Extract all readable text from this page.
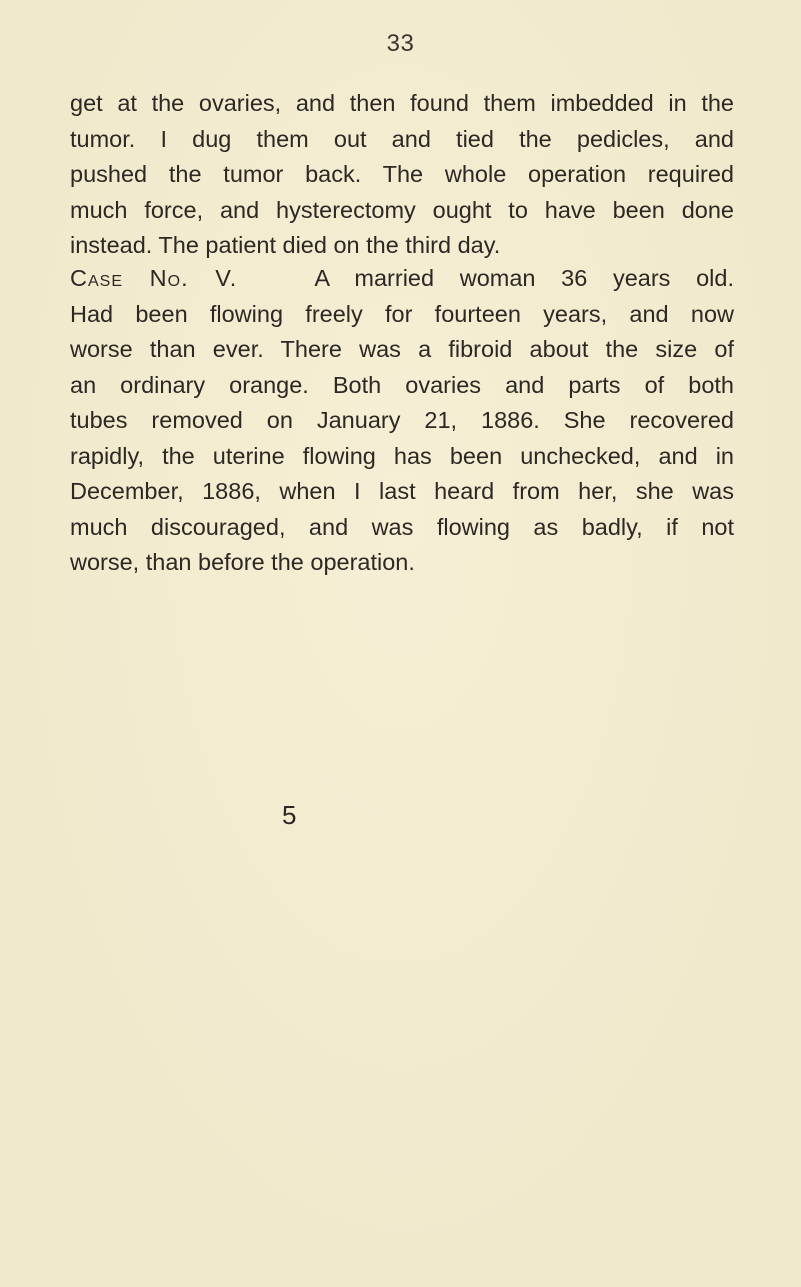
33
get at the ovaries, and then found them imbedded in the
tumor. I dug them out and tied the pedicles, and
pushed the tumor back. The whole operation required
much force, and hysterectomy ought to have been done
instead. The patient died on the third day.
Case No. V.	A married woman 36 years old.
Had been flowing freely for fourteen years, and now
worse than ever. There was a fibroid about the size of
an ordinary orange. Both ovaries and parts of both
tubes removed on January 21, 1886. She recovered
rapidly, the uterine flowing has been unchecked, and in
December, 1886, when I last heard from her, she was
much discouraged, and was flowing as badly, if not
worse, than before the operation.
5
